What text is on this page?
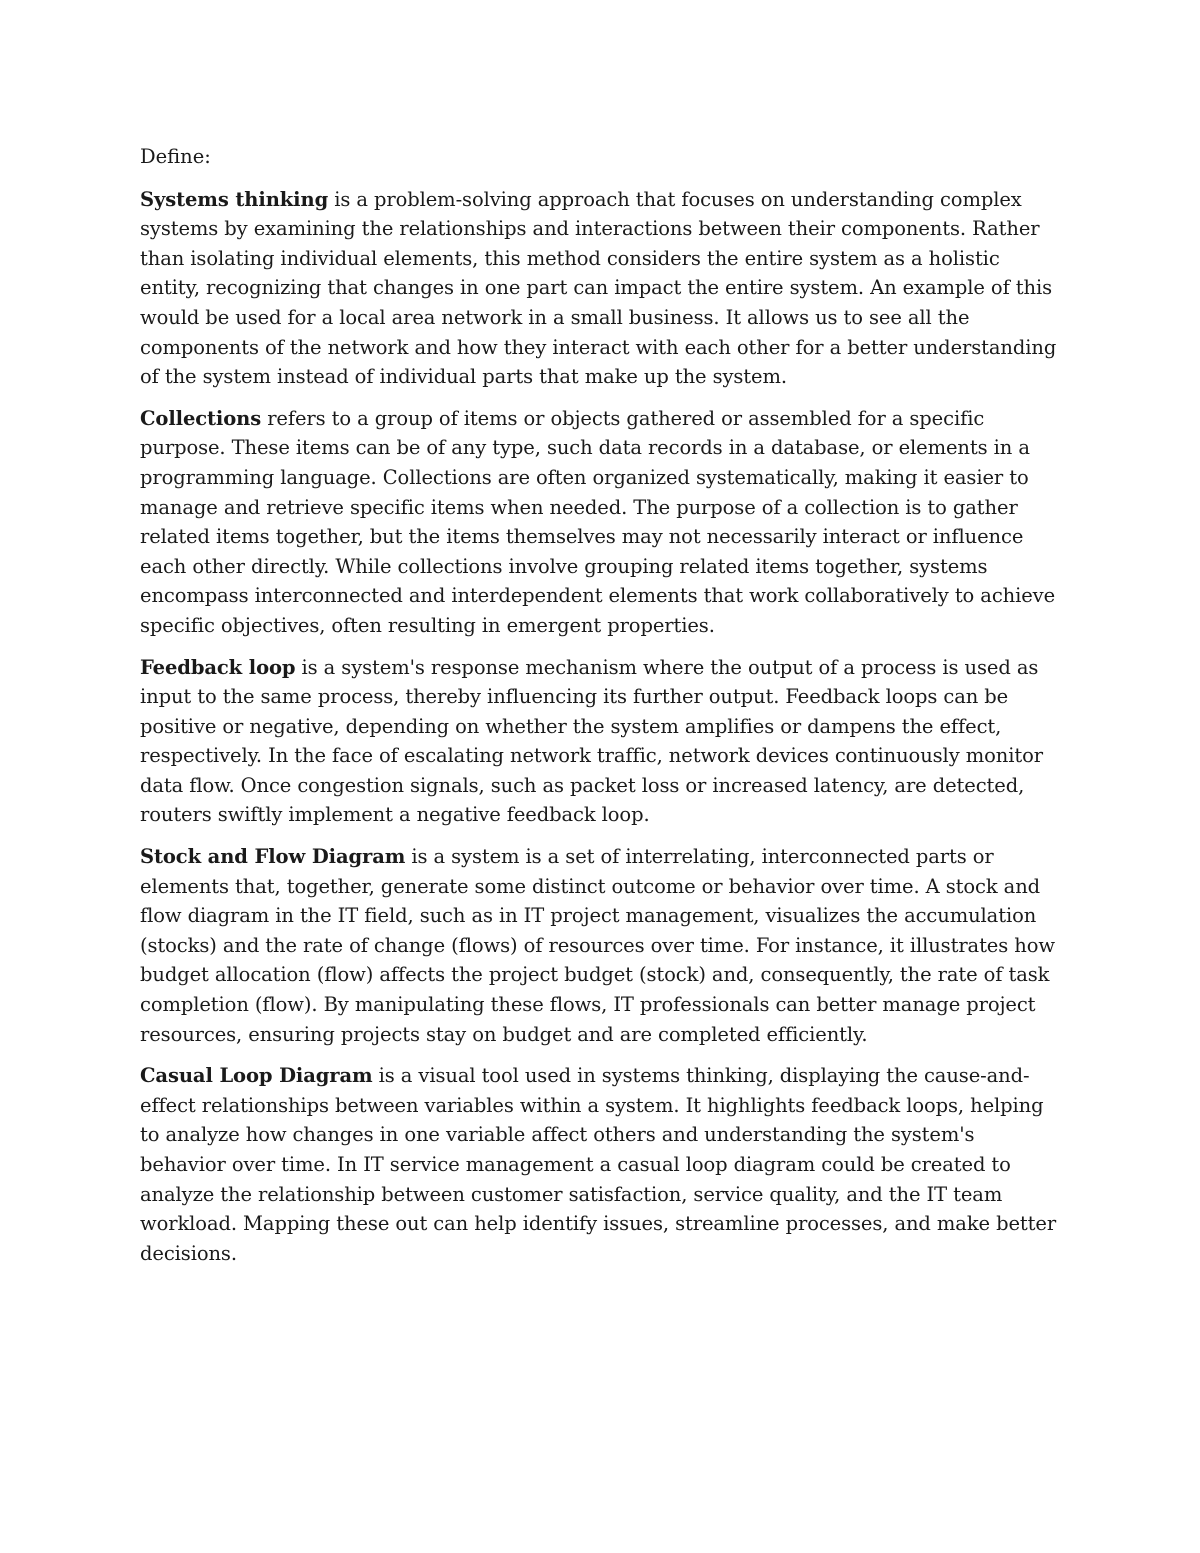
Define:

Systems thinking is a problem-solving approach that focuses on understanding complex systems by examining the relationships and interactions between their components. Rather than isolating individual elements, this method considers the entire system as a holistic entity, recognizing that changes in one part can impact the entire system. An example of this would be used for a local area network in a small business. It allows us to see all the components of the network and how they interact with each other for a better understanding of the system instead of individual parts that make up the system.

Collections refers to a group of items or objects gathered or assembled for a specific purpose. These items can be of any type, such data records in a database, or elements in a programming language. Collections are often organized systematically, making it easier to manage and retrieve specific items when needed. The purpose of a collection is to gather related items together, but the items themselves may not necessarily interact or influence each other directly. While collections involve grouping related items together, systems encompass interconnected and interdependent elements that work collaboratively to achieve specific objectives, often resulting in emergent properties.

Feedback loop is a system's response mechanism where the output of a process is used as input to the same process, thereby influencing its further output. Feedback loops can be positive or negative, depending on whether the system amplifies or dampens the effect, respectively. In the face of escalating network traffic, network devices continuously monitor data flow. Once congestion signals, such as packet loss or increased latency, are detected, routers swiftly implement a negative feedback loop.

Stock and Flow Diagram is a system is a set of interrelating, interconnected parts or elements that, together, generate some distinct outcome or behavior over time. A stock and flow diagram in the IT field, such as in IT project management, visualizes the accumulation (stocks) and the rate of change (flows) of resources over time. For instance, it illustrates how budget allocation (flow) affects the project budget (stock) and, consequently, the rate of task completion (flow). By manipulating these flows, IT professionals can better manage project resources, ensuring projects stay on budget and are completed efficiently.

Casual Loop Diagram is a visual tool used in systems thinking, displaying the cause-and-effect relationships between variables within a system. It highlights feedback loops, helping to analyze how changes in one variable affect others and understanding the system's behavior over time. In IT service management a casual loop diagram could be created to analyze the relationship between customer satisfaction, service quality, and the IT team workload. Mapping these out can help identify issues, streamline processes, and make better decisions.
